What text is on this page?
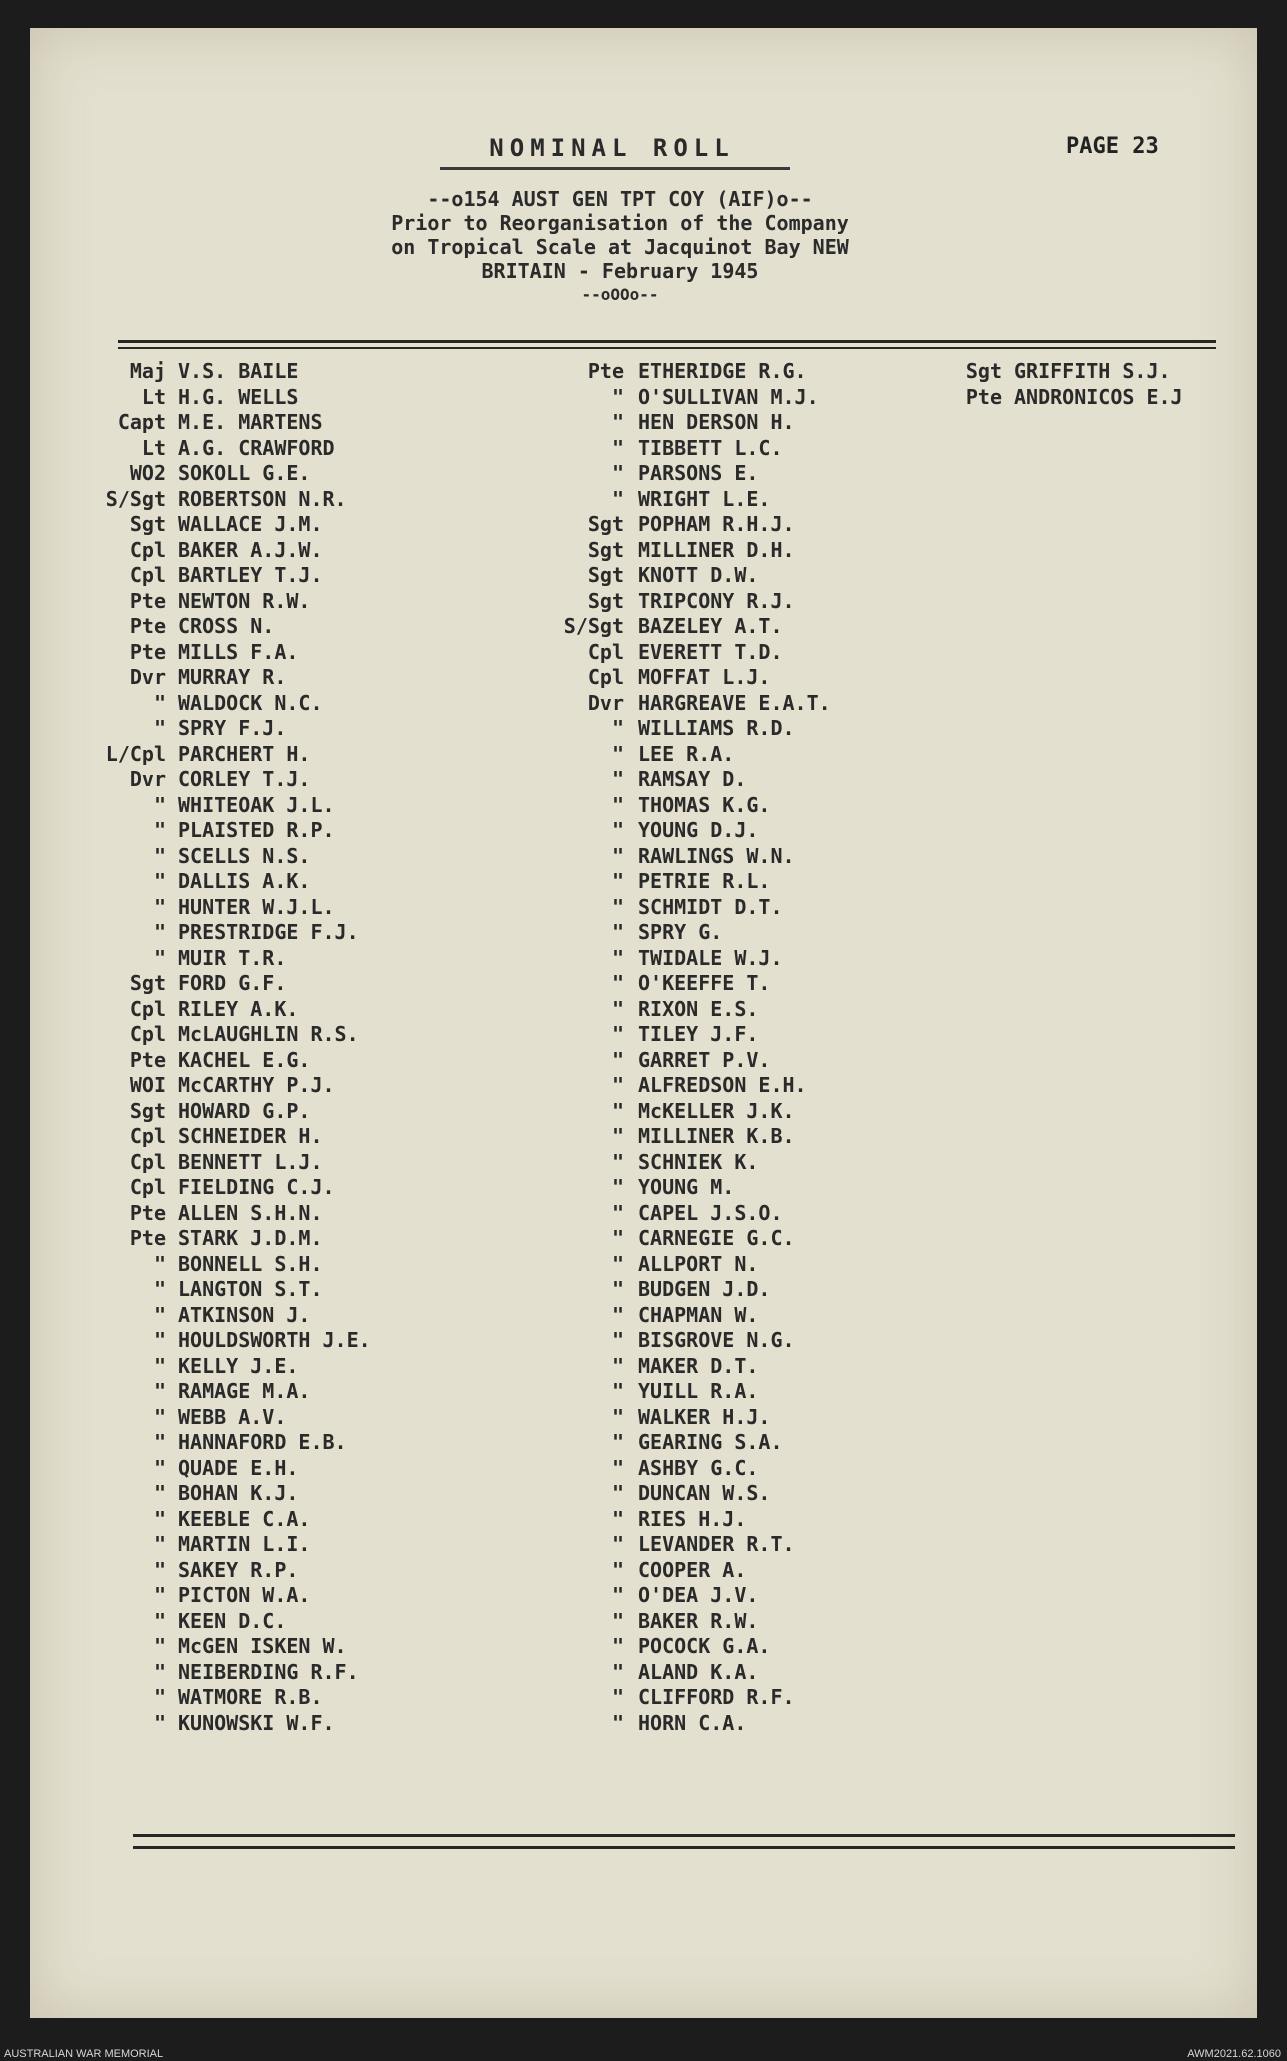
NOMINAL ROLL	PAGE 23
--o154 AUST GEN TPT COY (AIF)o--
Prior to Reorganisation of the Company
on Tropical Scale at Jacquinot Bay NEW
BRITAIN - February 1945
--oOOo--
Maj V.S. BAILE
Lt H.G. WELLS
Capt M.E. MARTENS
Lt A.G. CRAWFORD
WO2 SOKOLL G.E.
S/Sgt ROBERTSON N.R.
Sgt WALLACE J.M.
Cpl BAKER A.J.W.
Cpl BARTLEY T.J.
Pte NEWTON R.W.
Pte CROSS N.
Pte MILLS F.A.
Dvr MURRAY R.
" WALDOCK N.C.
" SPRY F.J.
L/Cpl PARCHERT H.
Dvr CORLEY T.J.
" WHITEOAK J.L.
" PLAISTED R.P.
" SCELLS N.S.
" DALLIS A.K.
" HUNTER W.J.L.
" PRESTRIDGE F.J.
" MUIR T.R.
Sgt FORD G.F.
Cpl RILEY A.K.
Cpl McLAUGHLIN R.S.
Pte KACHEL E.G.
WOI McCARTHY P.J.
Sgt HOWARD G.P.
Cpl SCHNEIDER H.
Cpl BENNETT L.J.
Cpl FIELDING C.J.
Pte ALLEN S.H.N.
Pte STARK J.D.M.
" BONNELL S.H.
" LANGTON S.T.
" ATKINSON J.
" HOULDSWORTH J.E.
" KELLY J.E.
" RAMAGE M.A.
" WEBB A.V.
" HANNAFORD E.B.
" QUADE E.H.
" BOHAN K.J.
" KEEBLE C.A.
" MARTIN L.I.
" SAKEY R.P.
" PICTON W.A.
" KEEN D.C.
" McGEN ISKEN W.
" NEIBERDING R.F.
" WATMORE R.B.
" KUNOWSKI W.F.
Pte ETHERIDGE R.G.
" O'SULLIVAN M.J.
" HEN DERSON H.
" TIBBETT L.C.
" PARSONS E.
" WRIGHT L.E.
Sgt POPHAM R.H.J.
Sgt MILLINER D.H.
Sgt KNOTT D.W.
Sgt TRIPCONY R.J.
S/Sgt BAZELEY A.T.
Cpl EVERETT T.D.
Cpl MOFFAT L.J.
Dvr HARGREAVE E.A.T.
" WILLIAMS R.D.
" LEE R.A.
" RAMSAY D.
" THOMAS K.G.
" YOUNG D.J.
" RAWLINGS W.N.
" PETRIE R.L.
" SCHMIDT D.T.
" SPRY G.
" TWIDALE W.J.
" O'KEEFFE T.
" RIXON E.S.
" TILEY J.F.
" GARRET P.V.
" ALFREDSON E.H.
" McKELLER J.K.
" MILLINER K.B.
" SCHNIEK K.
" YOUNG M.
" CAPEL J.S.O.
" CARNEGIE G.C.
" ALLPORT N.
" BUDGEN J.D.
" CHAPMAN W.
" BISGROVE N.G.
" MAKER D.T.
" YUILL R.A.
" WALKER H.J.
" GEARING S.A.
" ASHBY G.C.
" DUNCAN W.S.
" RIES H.J.
" LEVANDER R.T.
" COOPER A.
" O'DEA J.V.
" BAKER R.W.
" POCOCK G.A.
" ALAND K.A.
" CLIFFORD R.F.
" HORN C.A.
Sgt GRIFFITH S.J.
Pte ANDRONICOS E.J
AUSTRALIAN WAR MEMORIAL	AWM2021.62.1060
